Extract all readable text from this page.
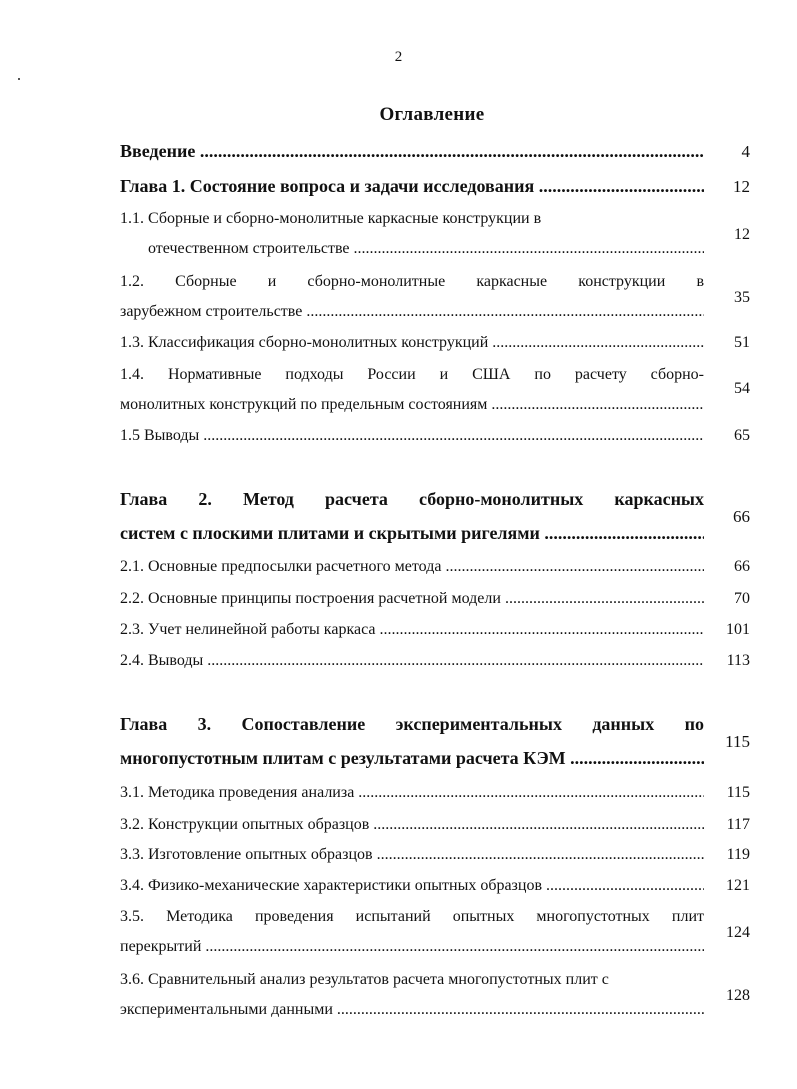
2
Оглавление
Введение .....	4
Глава 1. Состояние вопроса и задачи исследования .....	12
1.1. Сборные и сборно-монолитные каркасные конструкции в
отечественном строительстве .....
12
1.2. Сборные и сборно-монолитные каркасные конструкции в
зарубежном строительстве .....
35
1.3. Классификация сборно-монолитных конструкций .....	51
1.4. Нормативные подходы России и США по расчету сборно-
монолитных конструкций по предельным состояниям .....
54
1.5 Выводы .....	65
Глава 2. Метод расчета сборно-монолитных каркасных
систем с плоскими плитами и скрытыми ригелями .....
66
2.1. Основные предпосылки расчетного метода .....	66
2.2. Основные принципы построения расчетной модели .....	70
2.3. Учет нелинейной работы каркаса .....	101
2.4. Выводы .....	113
Глава 3. Сопоставление экспериментальных данных по
многопустотным плитам с результатами расчета КЭМ .....
115
3.1. Методика проведения анализа .....	115
3.2. Конструкции опытных образцов .....	117
3.3. Изготовление опытных образцов .....	119
3.4. Физико-механические характеристики опытных образцов .....	121
3.5. Методика проведения испытаний опытных многопустотных плит
перекрытий .....
124
3.6. Сравнительный анализ результатов расчета многопустотных плит с
экспериментальными данными .....
128
